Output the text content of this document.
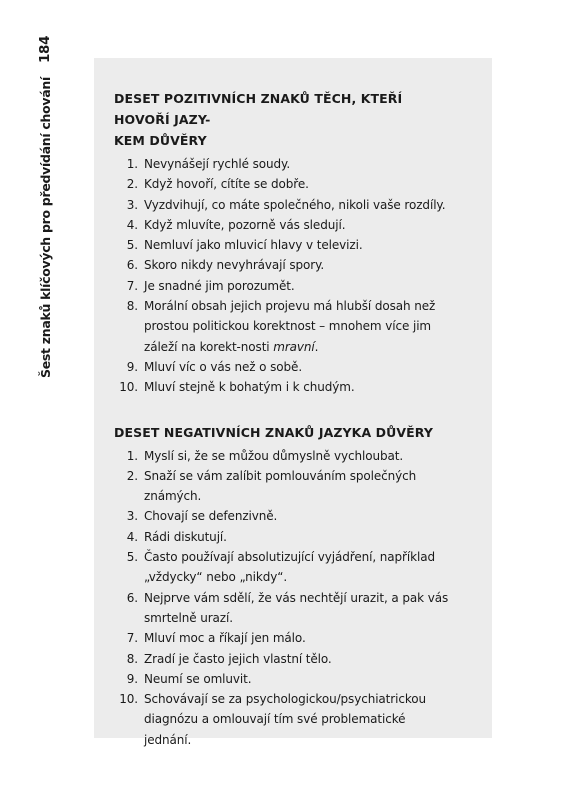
184
Šest znaků klíčových pro předvídání chování	DESET POZITIVNÍCH ZNAKŮ TĚCH, KTEŘÍ HOVOŘÍ JAZY-
KEM DŮVĚRY
1. Nevynášejí rychlé soudy.
2. Když hovoří, cítíte se dobře.
3. Vyzdvihují, co máte společného, nikoli vaše rozdíly.
4. Když mluvíte, pozorně vás sledují.
5. Nemluví jako mluvicí hlavy v televizi.
6. Skoro nikdy nevyhrávají spory.
7. Je snadné jim porozumět.
8. Morální obsah jejich projevu má hlubší dosah než prostou politickou korektnost – mnohem více jim záleží na korekt-nosti mravní.
9. Mluví víc o vás než o sobě.
10. Mluví stejně k bohatým i k chudým.
DESET NEGATIVNÍCH ZNAKŮ JAZYKA DŮVĚRY
1. Myslí si, že se můžou důmyslně vychloubat.
2. Snaží se vám zalíbit pomlouváním společných známých.
3. Chovají se defenzivně.
4. Rádi diskutují.
5. Často používají absolutizující vyjádření, například „vždycky“ nebo „nikdy“.
6. Nejprve vám sdělí, že vás nechtějí urazit, a pak vás smrtelně urazí.
7. Mluví moc a říkají jen málo.
8. Zradí je často jejich vlastní tělo.
9. Neumí se omluvit.
10. Schovávají se za psychologickou/psychiatrickou diagnózu a omlouvají tím své problematické jednání.
